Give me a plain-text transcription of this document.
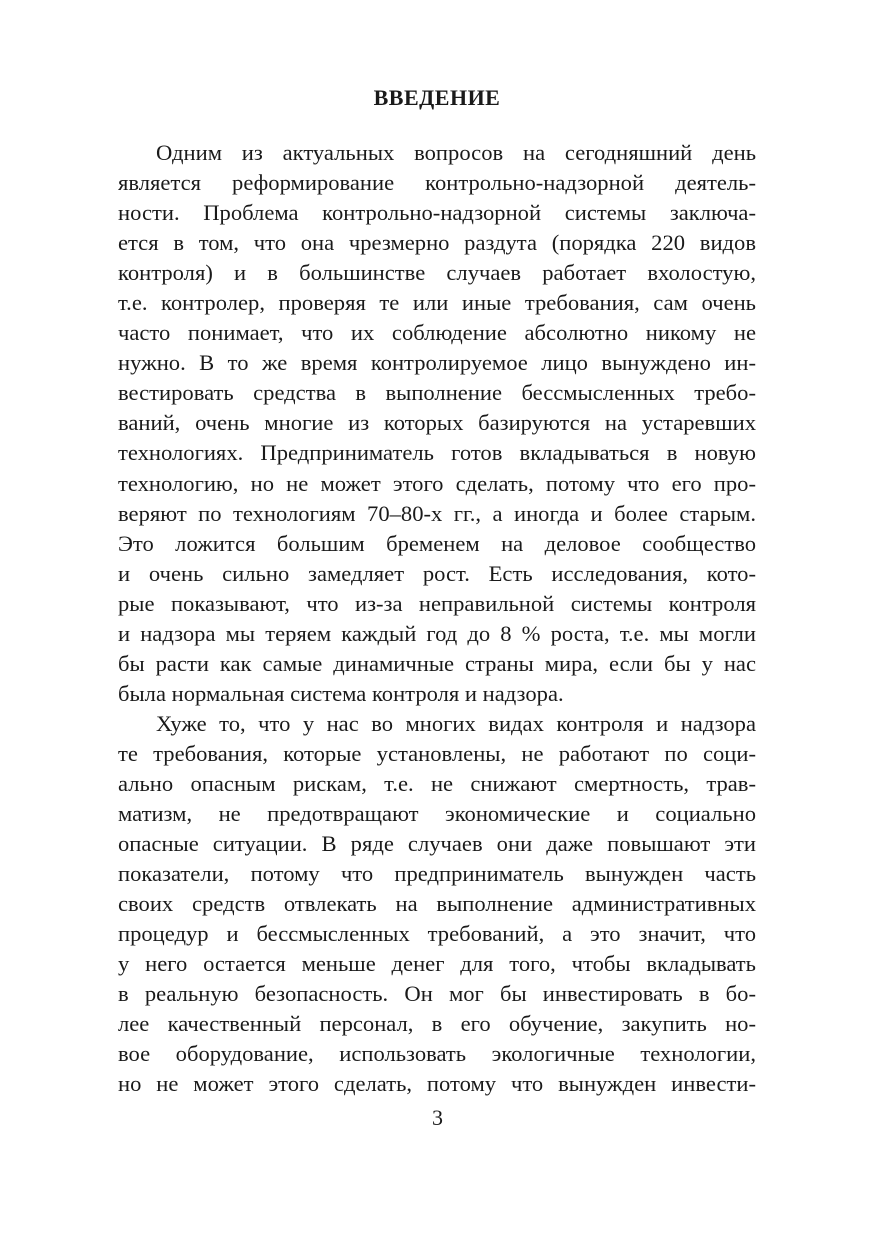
ВВЕДЕНИЕ
Одним из актуальных вопросов на сегодняшний день
является реформирование контрольно-надзорной деятель-
ности. Проблема контрольно-надзорной системы заключа-
ется в том, что она чрезмерно раздута (порядка 220 видов
контроля) и в большинстве случаев работает вхолостую,
т.е. контролер, проверяя те или иные требования, сам очень
часто понимает, что их соблюдение абсолютно никому не
нужно. В то же время контролируемое лицо вынуждено ин-
вестировать средства в выполнение бессмысленных требо-
ваний, очень многие из которых базируются на устаревших
технологиях. Предприниматель готов вкладываться в новую
технологию, но не может этого сделать, потому что его про-
веряют по технологиям 70–80-х гг., а иногда и более старым.
Это ложится большим бременем на деловое сообщество
и очень сильно замедляет рост. Есть исследования, кото-
рые показывают, что из-за неправильной системы контроля
и надзора мы теряем каждый год до 8 % роста, т.е. мы могли
бы расти как самые динамичные страны мира, если бы у нас
была нормальная система контроля и надзора.
Хуже то, что у нас во многих видах контроля и надзора
те требования, которые установлены, не работают по соци-
ально опасным рискам, т.е. не снижают смертность, трав-
матизм, не предотвращают экономические и социально
опасные ситуации. В ряде случаев они даже повышают эти
показатели, потому что предприниматель вынужден часть
своих средств отвлекать на выполнение административных
процедур и бессмысленных требований, а это значит, что
у него остается меньше денег для того, чтобы вкладывать
в реальную безопасность. Он мог бы инвестировать в бо-
лее качественный персонал, в его обучение, закупить но-
вое оборудование, использовать экологичные технологии,
но не может этого сделать, потому что вынужден инвести-
3
